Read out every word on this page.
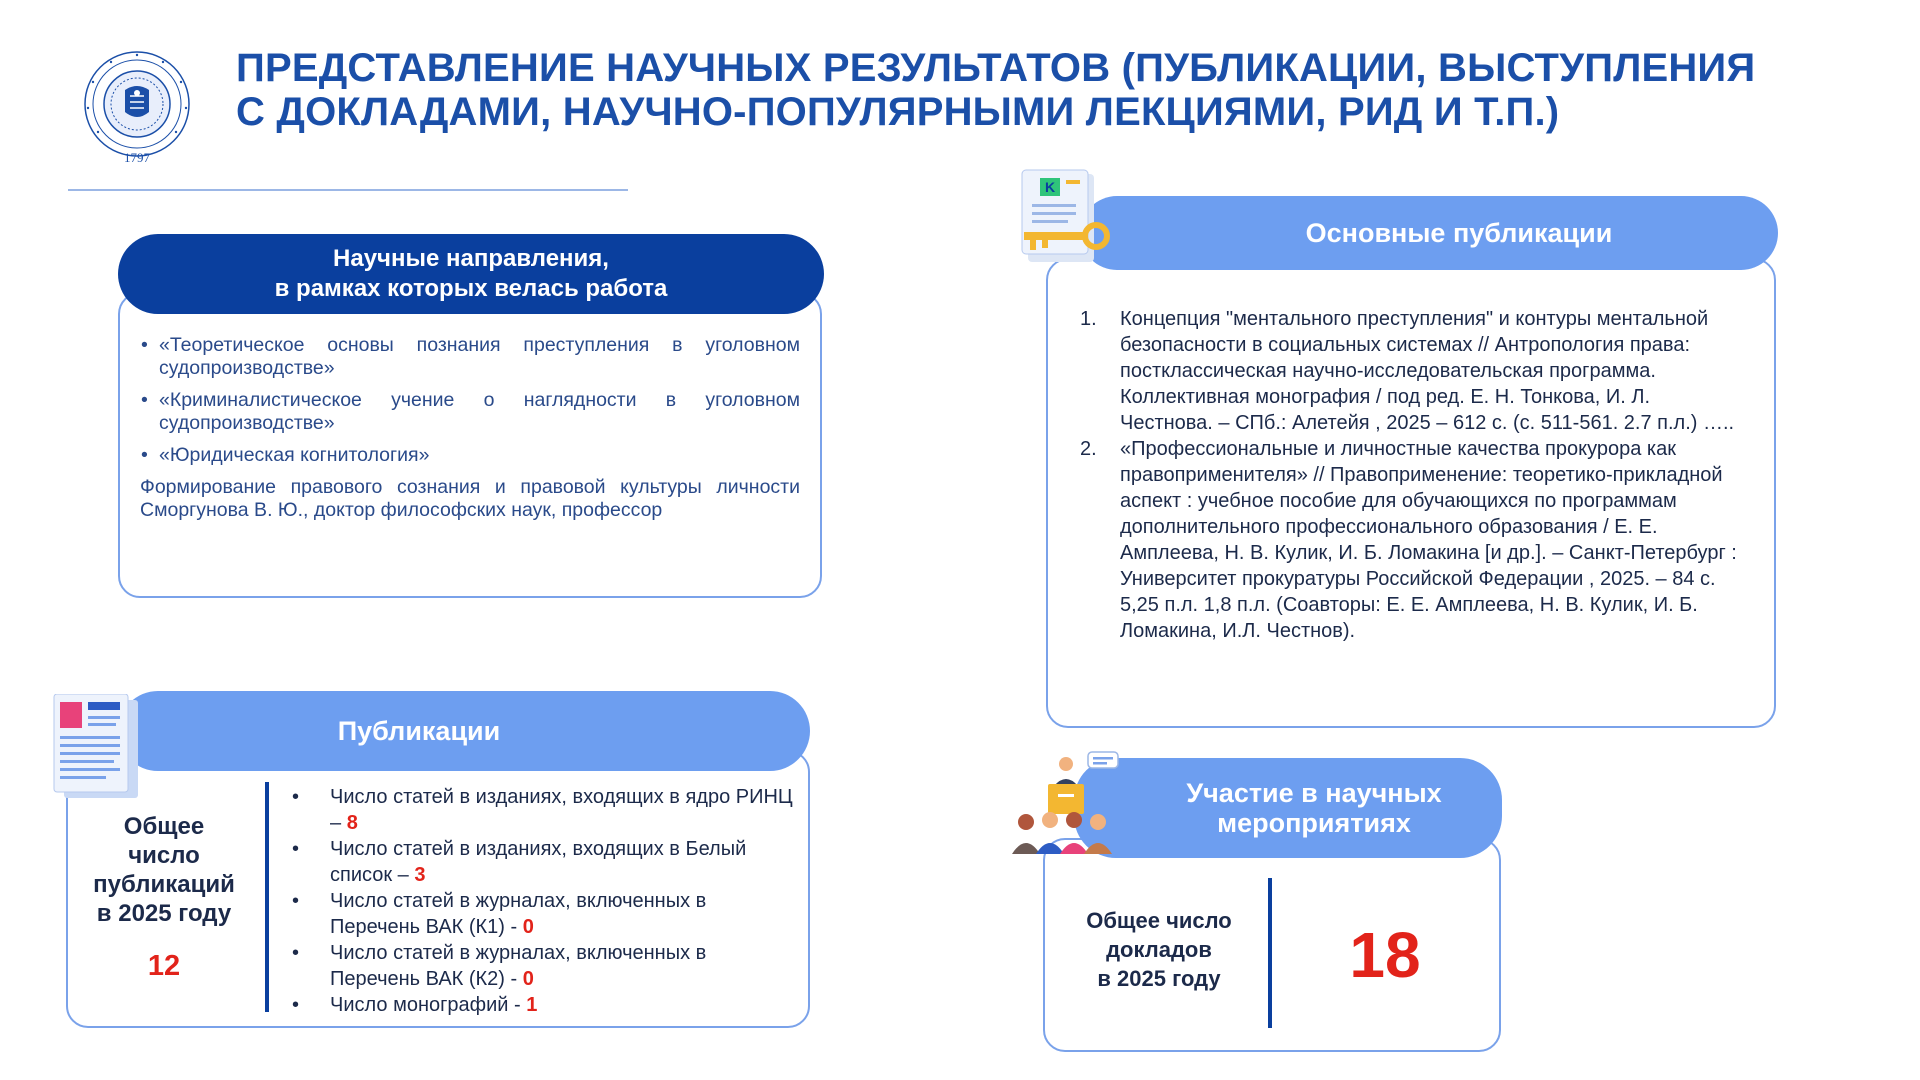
1797
ПРЕДСТАВЛЕНИЕ НАУЧНЫХ РЕЗУЛЬТАТОВ (ПУБЛИКАЦИИ, ВЫСТУПЛЕНИЯ
С ДОКЛАДАМИ, НАУЧНО-ПОПУЛЯРНЫМИ ЛЕКЦИЯМИ, РИД И Т.П.)
Научные направления,
в рамках которых велась работа
• «Теоретическое основы познания преступления в уголовном судопроизводстве»
• «Криминалистическое учение о наглядности в уголовном судопроизводстве»
• «Юридическая когнитология»

Формирование правового сознания и правовой культуры личности Сморгунова В. Ю., доктор философских наук, профессор

Публикации
Общее
число
публикаций
в 2025 году
12
• Число статей в изданиях, входящих в ядро РИНЦ – 8
• Число статей в изданиях, входящих в Белый список – 3
• Число статей в журналах, включенных в Перечень ВАК (К1) - 0
• Число статей в журналах, включенных в Перечень ВАК (К2) - 0
• Число монографий - 1
Основные публикации
K
1. Концепция "ментального преступления" и контуры ментальной безопасности в социальных системах // Антропология права: постклассическая научно-исследовательская программа. Коллективная монография / под ред. Е. Н. Тонкова, И. Л. Честнова. – СПб.: Алетейя , 2025 – 612 с. (с. 511-561. 2.7 п.л.) …..
2. «Профессиональные и личностные качества прокурора как правоприменителя» // Правоприменение: теоретико-прикладной аспект : учебное пособие для обучающихся по программам дополнительного профессионального образования / Е. Е. Амплеева, Н. В. Кулик, И. Б. Ломакина [и др.]. – Санкт-Петербург : Университет прокуратуры Российской Федерации , 2025. – 84 с. 5,25 п.л. 1,8 п.л. (Соавторы: Е. Е. Амплеева, Н. В. Кулик, И. Б. Ломакина, И.Л. Честнов).
Участие в научных
мероприятиях
Общее число
докладов
в 2025 году	18
